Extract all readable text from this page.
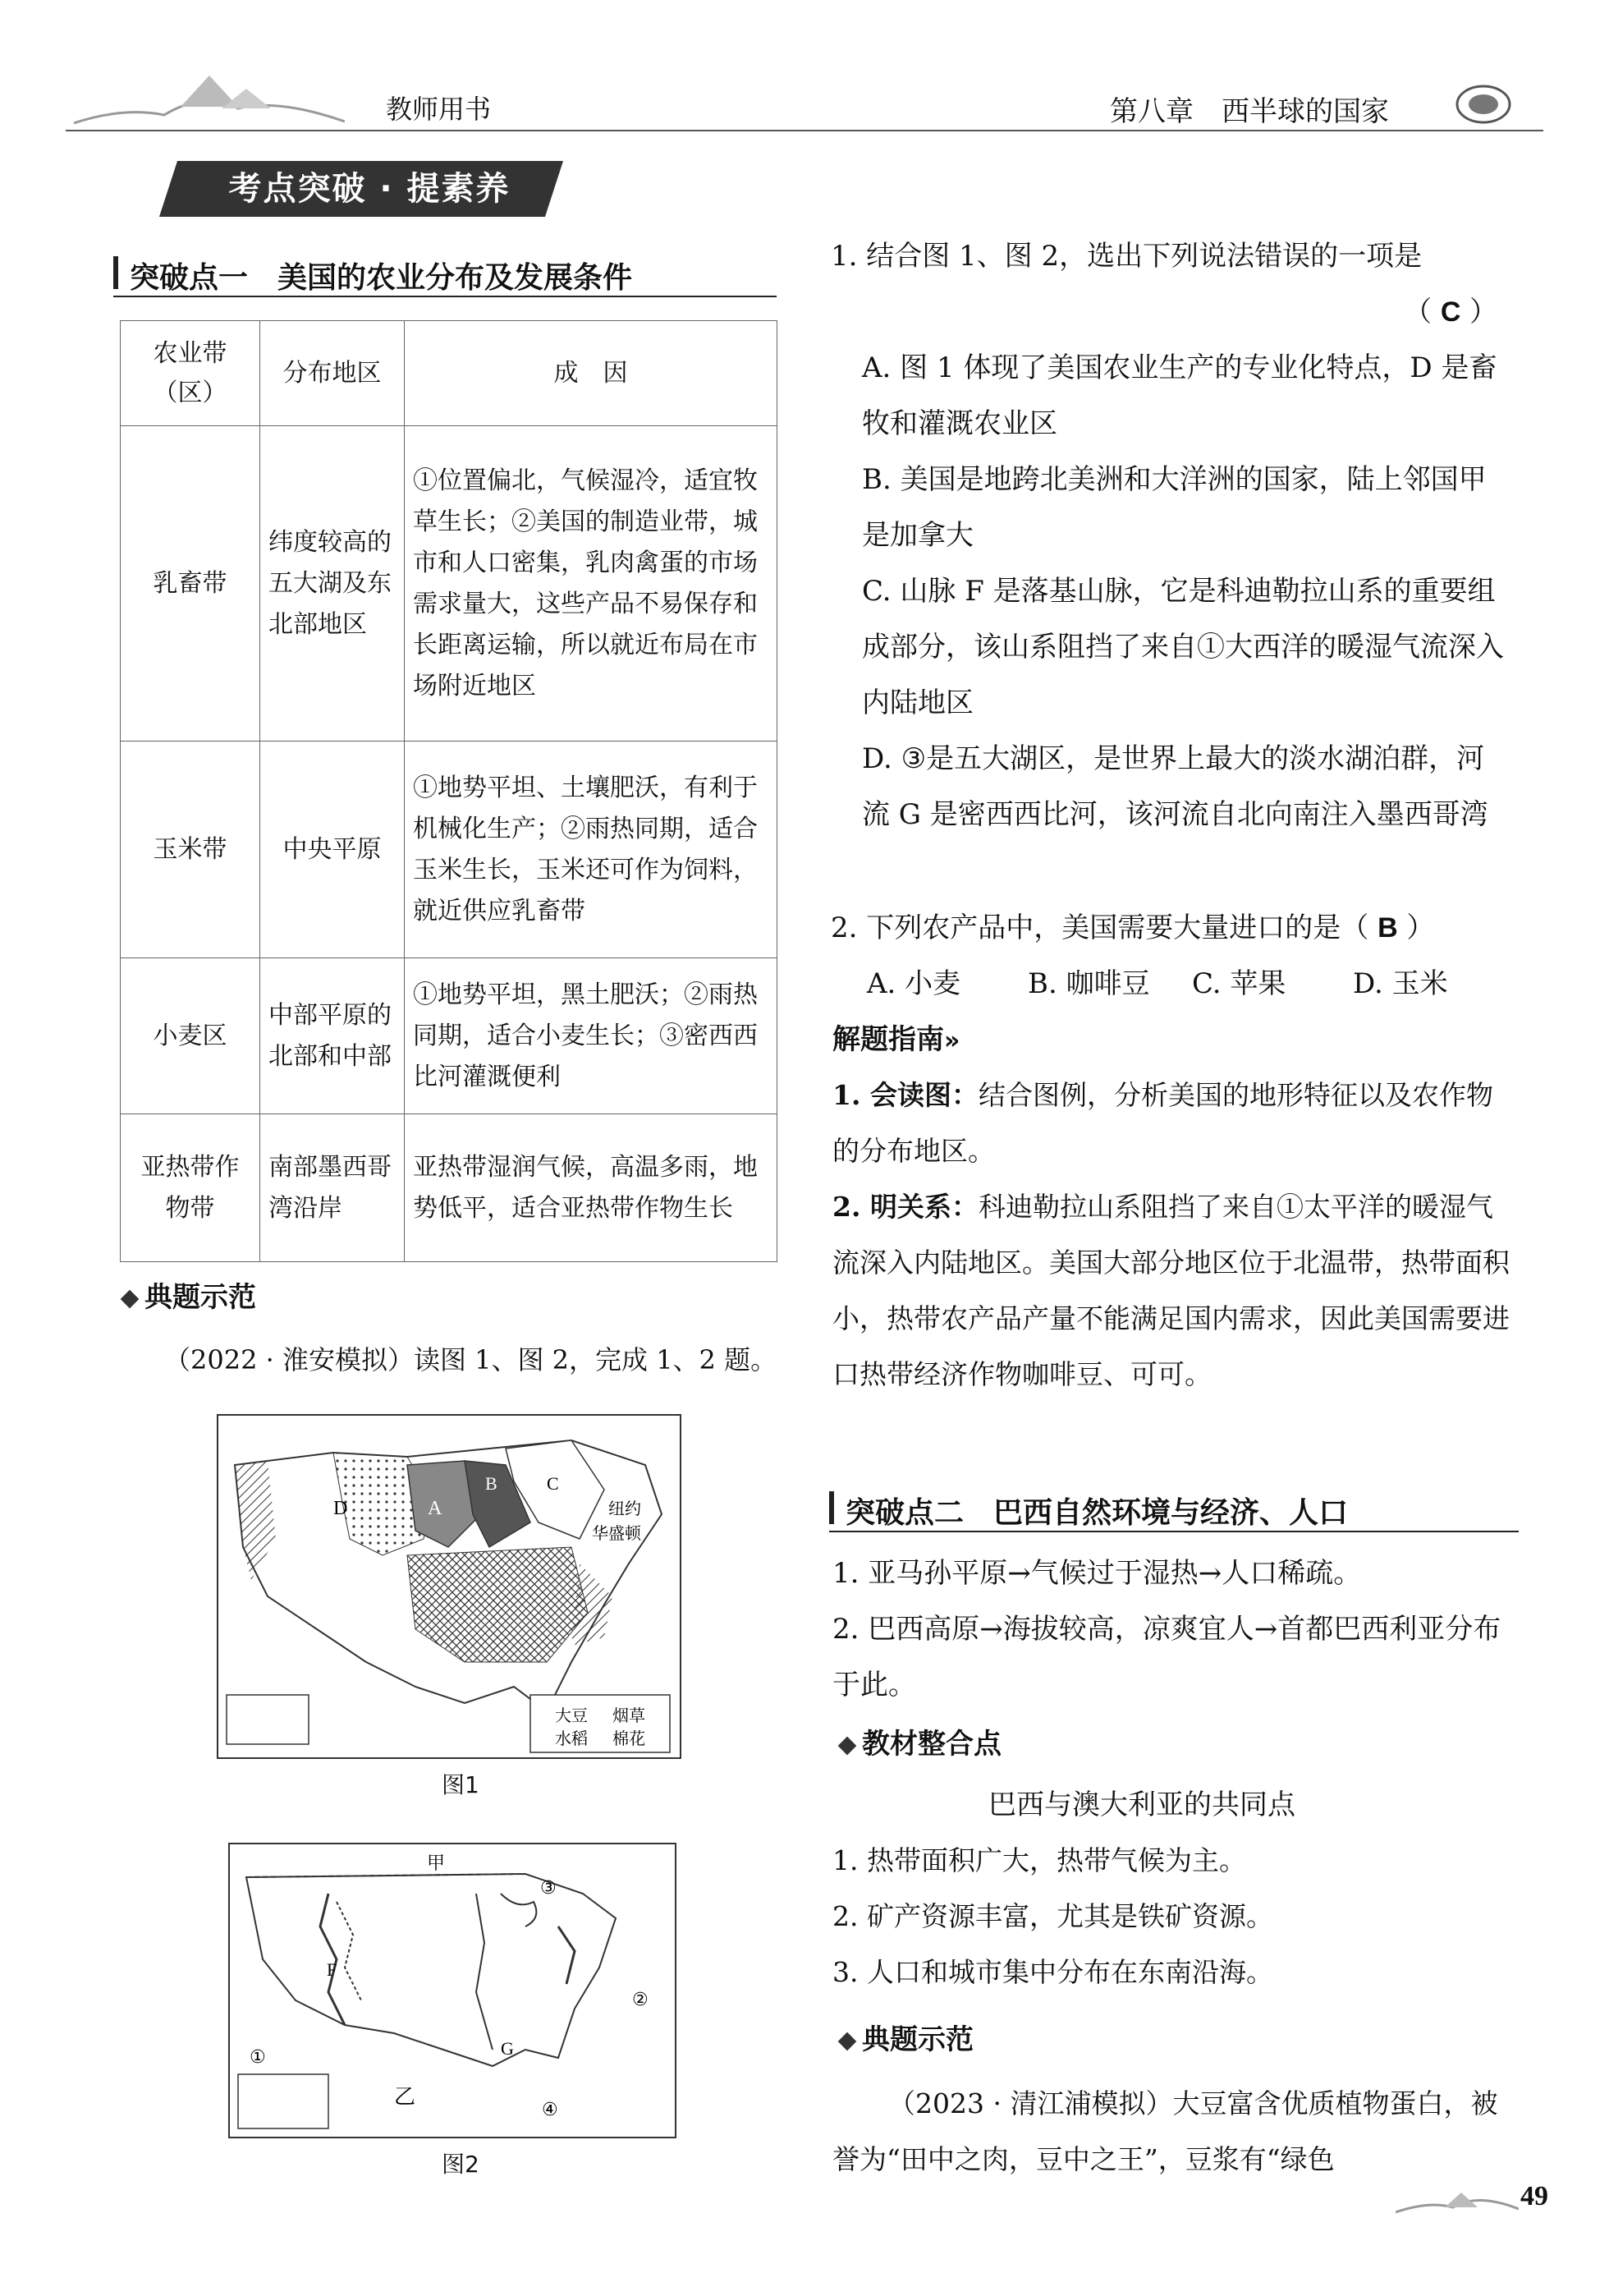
教师用书	第八章　西半球的国家
考点突破 · 提素养
突破点一　美国的农业分布及发展条件
农业带（区）	分布地区	成　因
乳畜带	纬度较高的五大湖及东北部地区	①位置偏北，气候湿冷，适宜牧草生长；②美国的制造业带，城市和人口密集，乳肉禽蛋的市场需求量大，这些产品不易保存和长距离运输，所以就近布局在市场附近地区
玉米带	中央平原	①地势平坦、土壤肥沃，有利于机械化生产；②雨热同期，适合玉米生长，玉米还可作为饲料，就近供应乳畜带
小麦区	中部平原的北部和中部	①地势平坦，黑土肥沃；②雨热同期，适合小麦生长；③密西西比河灌溉便利
亚热带作物带	南部墨西哥湾沿岸	亚热带湿润气候，高温多雨，地势低平，适合亚热带作物生长
典题示范
（2022 · 淮安模拟）读图 1、图 2，完成 1、2 题。
D	A
B	C
纽约
华盛顿
大豆 烟草
水稻 棉花
图1
甲
③
F
①
②
G
乙
④
图2
1. 结合图 1、图 2，选出下列说法错误的一项是
（ C ）
A. 图 1 体现了美国农业生产的专业化特点，D 是畜牧和灌溉农业区
B. 美国是地跨北美洲和大洋洲的国家，陆上邻国甲是加拿大
C. 山脉 F 是落基山脉，它是科迪勒拉山系的重要组成部分，该山系阻挡了来自①大西洋的暖湿气流深入内陆地区
D. ③是五大湖区，是世界上最大的淡水湖泊群，河流 G 是密西西比河，该河流自北向南注入墨西哥湾
2. 下列农产品中，美国需要大量进口的是（ B ）
A. 小麦 B. 咖啡豆 C. 苹果 D. 玉米
解题指南»
1. 会读图：结合图例，分析美国的地形特征以及农作物的分布地区。
2. 明关系：科迪勒拉山系阻挡了来自①太平洋的暖湿气流深入内陆地区。美国大部分地区位于北温带，热带面积小，热带农产品产量不能满足国内需求，因此美国需要进口热带经济作物咖啡豆、可可。
突破点二　巴西自然环境与经济、人口
1. 亚马孙平原→气候过于湿热→人口稀疏。
2. 巴西高原→海拔较高，凉爽宜人→首都巴西利亚分布于此。
教材整合点
巴西与澳大利亚的共同点
1. 热带面积广大，热带气候为主。
2. 矿产资源丰富，尤其是铁矿资源。
3. 人口和城市集中分布在东南沿海。
典题示范
（2023 · 清江浦模拟）大豆富含优质植物蛋白，被誉为“田中之肉，豆中之王”，豆浆有“绿色
49
